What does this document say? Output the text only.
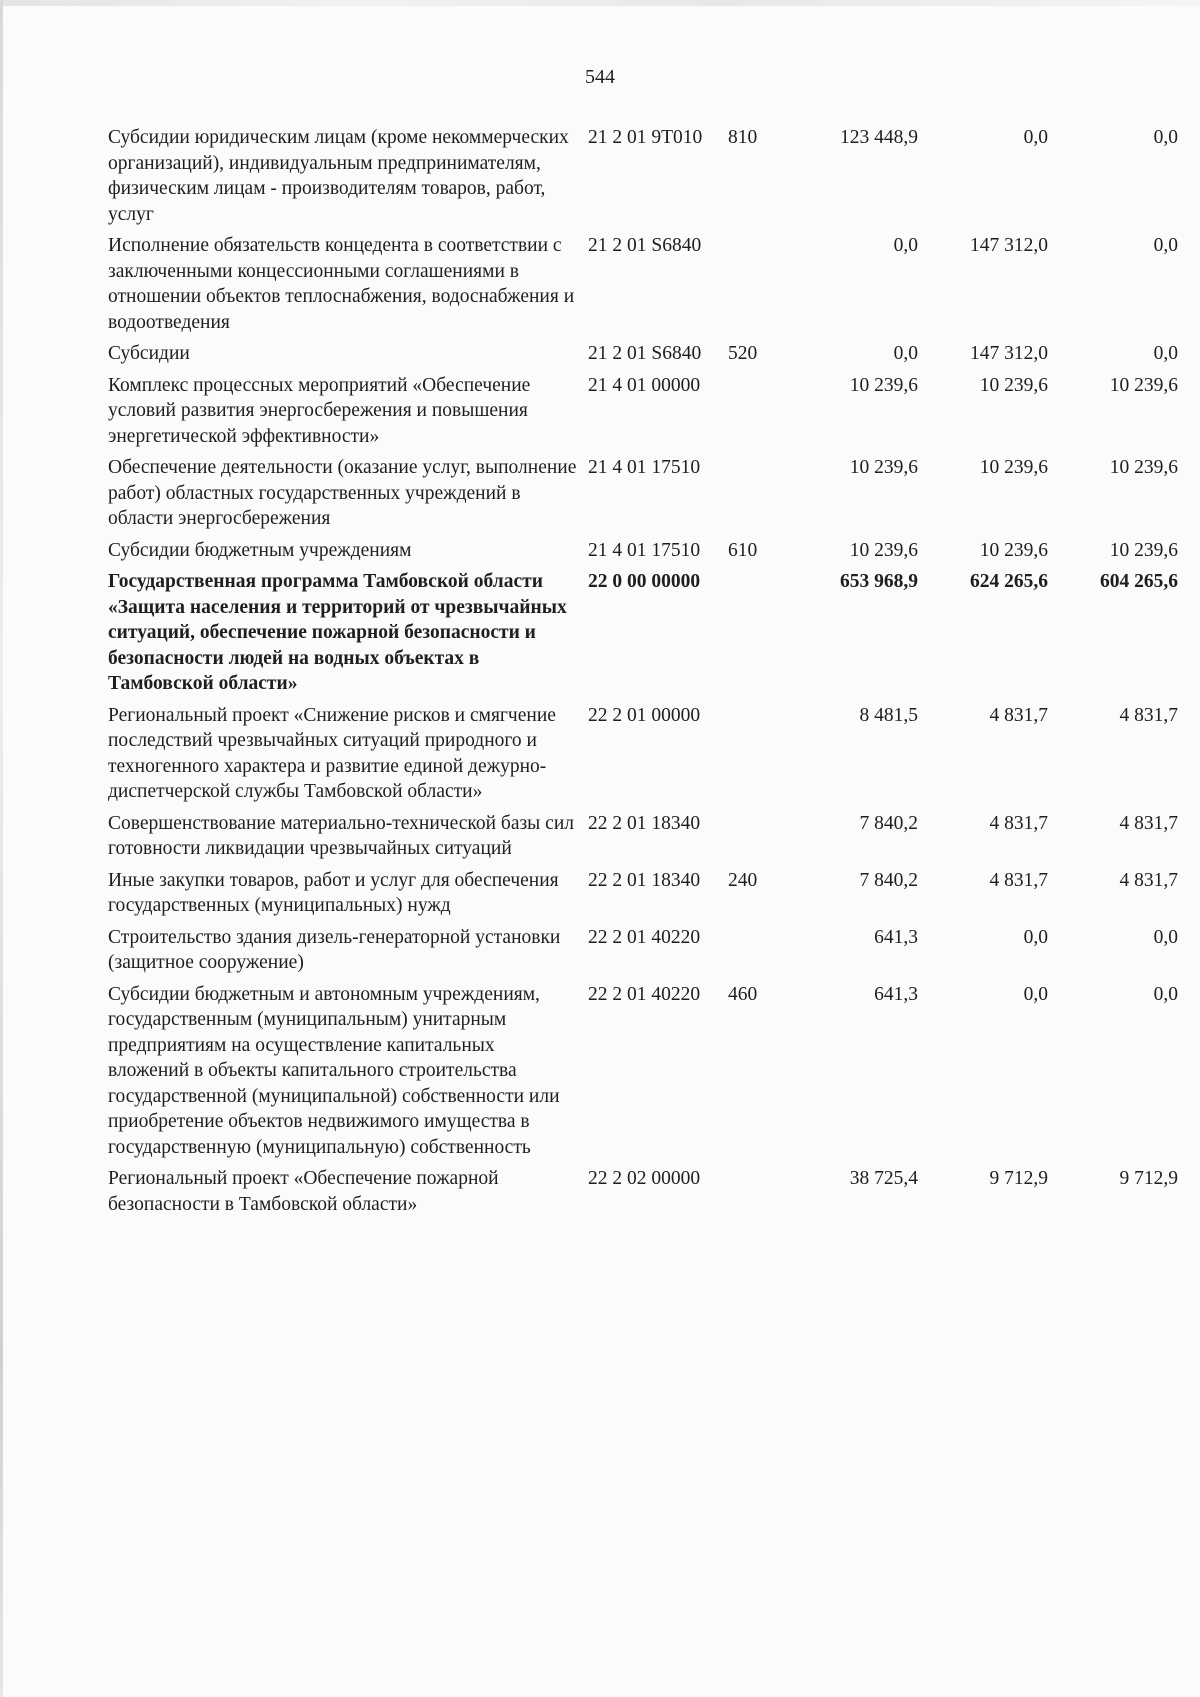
544
Субсидии юридическим лицам (кроме некоммерческих организаций), индивидуальным предпринимателям, физическим лицам - производителям товаров, работ, услуг	21 2 01 9Т010	810	123 448,9	0,0	0,0
Исполнение обязательств концедента в соответствии с заключенными концессионными соглашениями в отношении объектов теплоснабжения, водоснабжения и водоотведения	21 2 01 S6840		0,0	147 312,0	0,0
Субсидии	21 2 01 S6840	520	0,0	147 312,0	0,0
Комплекс процессных мероприятий «Обеспечение условий развития энергосбережения и повышения энергетической эффективности»	21 4 01 00000		10 239,6	10 239,6	10 239,6
Обеспечение деятельности (оказание услуг, выполнение работ) областных государственных учреждений в области энергосбережения	21 4 01 17510		10 239,6	10 239,6	10 239,6
Субсидии бюджетным учреждениям	21 4 01 17510	610	10 239,6	10 239,6	10 239,6
Государственная программа Тамбовской области «Защита населения и территорий от чрезвычайных ситуаций, обеспечение пожарной безопасности и безопасности людей на водных объектах в Тамбовской области»	22 0 00 00000		653 968,9	624 265,6	604 265,6
Региональный проект «Снижение рисков и смягчение последствий чрезвычайных ситуаций природного и техногенного характера и развитие единой дежурно-диспетчерской службы Тамбовской области»	22 2 01 00000		8 481,5	4 831,7	4 831,7
Совершенствование материально-технической базы сил готовности ликвидации чрезвычайных ситуаций	22 2 01 18340		7 840,2	4 831,7	4 831,7
Иные закупки товаров, работ и услуг для обеспечения государственных (муниципальных) нужд	22 2 01 18340	240	7 840,2	4 831,7	4 831,7
Строительство здания дизель-генераторной установки (защитное сооружение)	22 2 01 40220		641,3	0,0	0,0
Субсидии бюджетным и автономным учреждениям, государственным (муниципальным) унитарным предприятиям на осуществление капитальных вложений в объекты капитального строительства государственной (муниципальной) собственности или приобретение объектов недвижимого имущества в государственную (муниципальную) собственность	22 2 01 40220	460	641,3	0,0	0,0
Региональный проект «Обеспечение пожарной безопасности в Тамбовской области»	22 2 02 00000		38 725,4	9 712,9	9 712,9
